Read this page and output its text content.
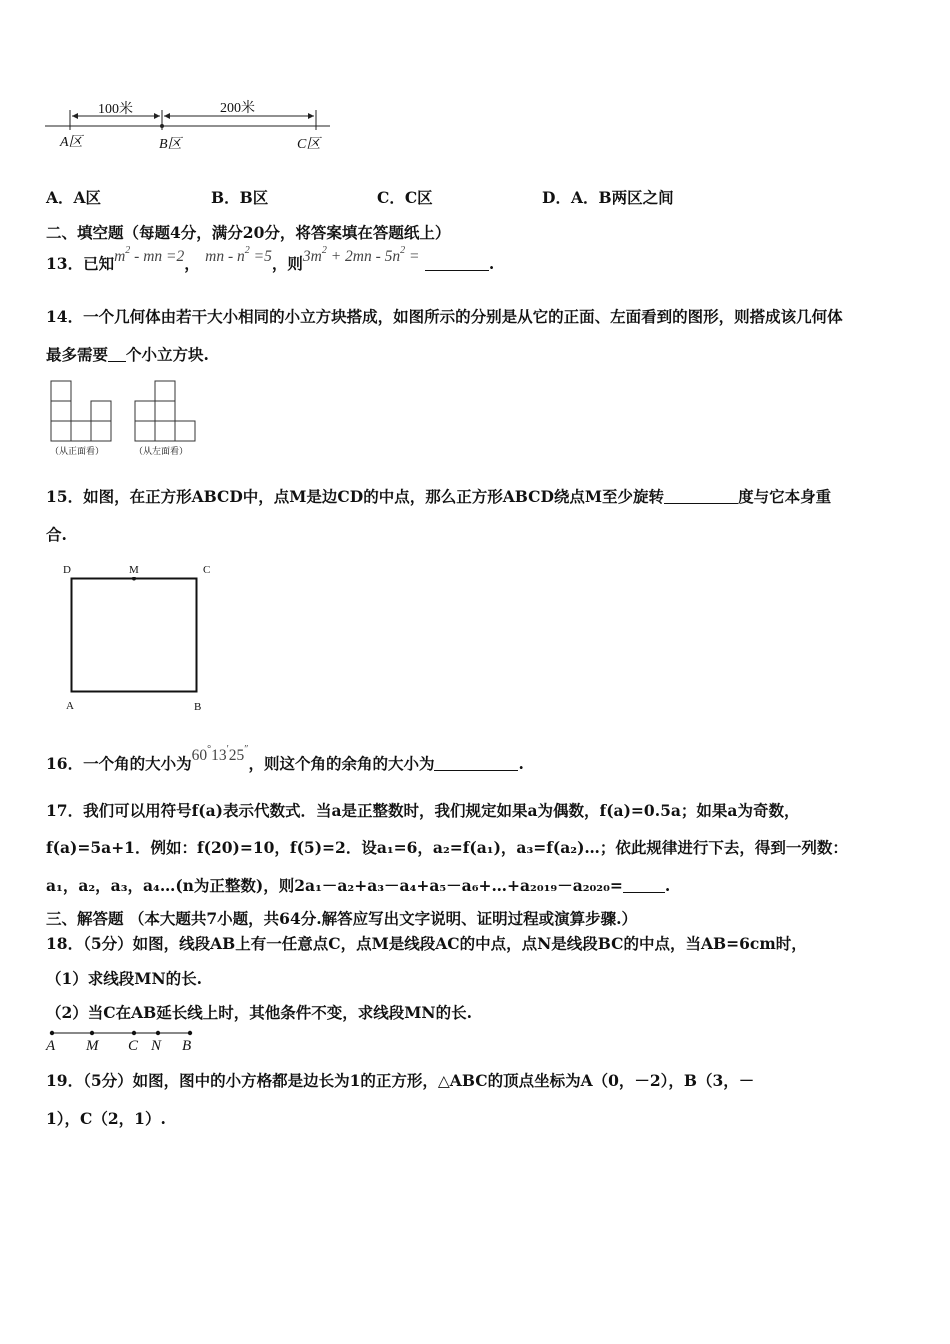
100米	200米
A区	B区	C区
A．A区	B．B区	C．C区	D．A．B两区之间
二、填空题（每题4分，满分20分，将答案填在答题纸上）
13．已知$m^2$ - mn =2， mn - $n^2 =5$，则$3m^2 + 2mn - 5n^2$ =	.
14．一个几何体由若干大小相同的小立方块搭成，如图所示的分别是从它的正面、左面看到的图形，则搭成该几何体
最多需要 个小立方块.
（从正面看）	（从左面看）
15．如图，在正方形ABCD中，点M是边CD的中点，那么正方形ABCD绕点M至少旋转	度与它本身重
合.
D	M	C
A	B
16．一个角的大小为60°13′25″，则这个角的余角的大小为	.
17．我们可以用符号f(a)表示代数式．当a是正整数时，我们规定如果a为偶数，f(a)=0.5a；如果a为奇数，
f(a)=5a+1．例如：f(20)=10，f(5)=2．设a₁=6，a₂=f(a₁)，a₃=f(a₂)…；依此规律进行下去，得到一列数：
a₁，a₂，a₃，a₄…(n为正整数)，则2a₁－a₂+a₃－a₄+a₅－a₆+…+a₂₀₁₉－a₂₀₂₀=	.
三、解答题 （本大题共7小题，共64分.解答应写出文字说明、证明过程或演算步骤.）
18．（5分）如图，线段AB上有一任意点C，点M是线段AC的中点，点N是线段BC的中点，当AB=6cm时，
（1）求线段MN的长.
（2）当C在AB延长线上时，其他条件不变，求线段MN的长.
A M C N B
19．（5分）如图，图中的小方格都是边长为1的正方形，△ABC的顶点坐标为A（0，－2），B（3，－
1），C（2，1）.
